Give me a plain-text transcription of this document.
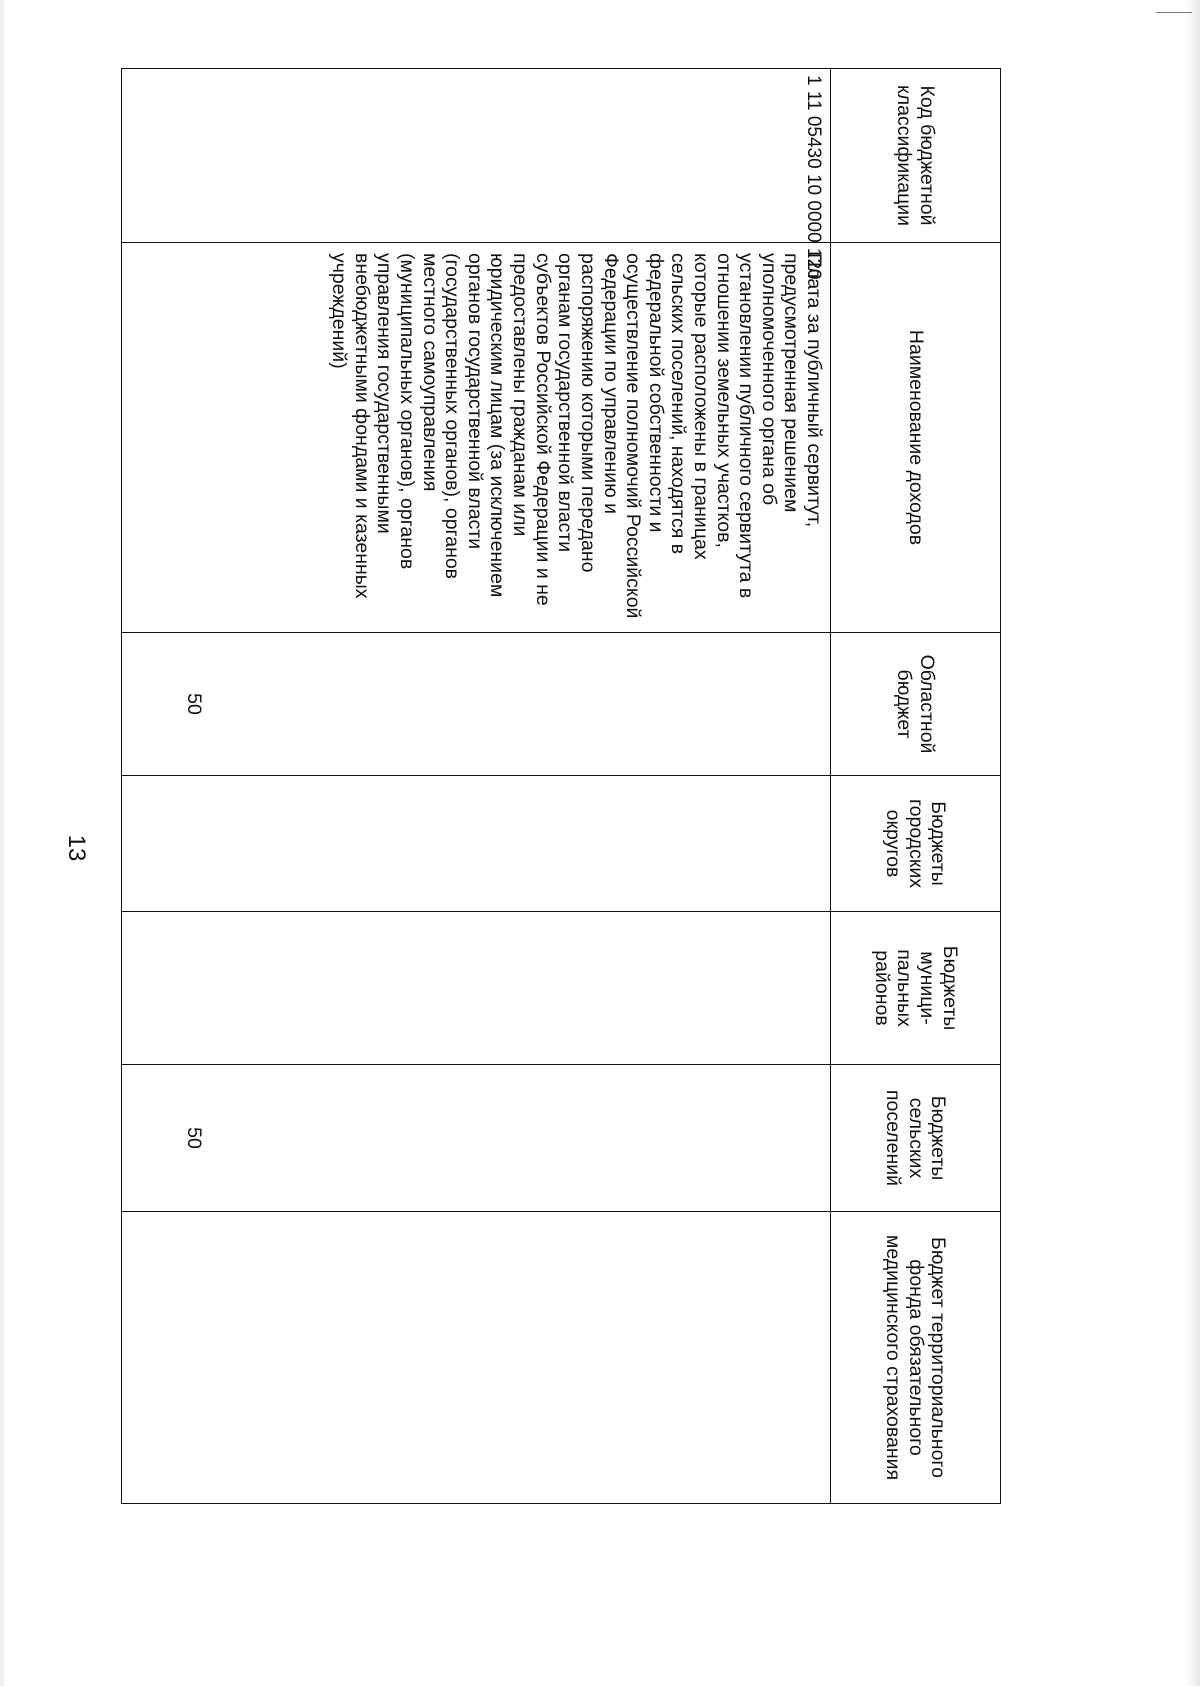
13
Код бюджетной классификации	Наименование доходов	Областной бюджет	Бюджеты городских округов	Бюджеты муници-пальных районов	Бюджеты сельских поселений	Бюджет территориального фонда обязательного медицинского страхования
1 11 05430 10 0000 120	Плата за публичный сервитут, предусмотренная решением уполномоченного органа об установлении публичного сервитута в отношении земельных участков, которые расположены в границах сельских поселений, находятся в федеральной собственности и осуществление полномочий Российской Федерации по управлению и распоряжению которыми передано органам государственной власти субъектов Российской Федерации и не предоставлены гражданам или юридическим лицам (за исключением органов государственной власти (государственных органов), органов местного самоуправления (муниципальных органов), органов управления государственными внебюджетными фондами и казенных учреждений)	50			50	
